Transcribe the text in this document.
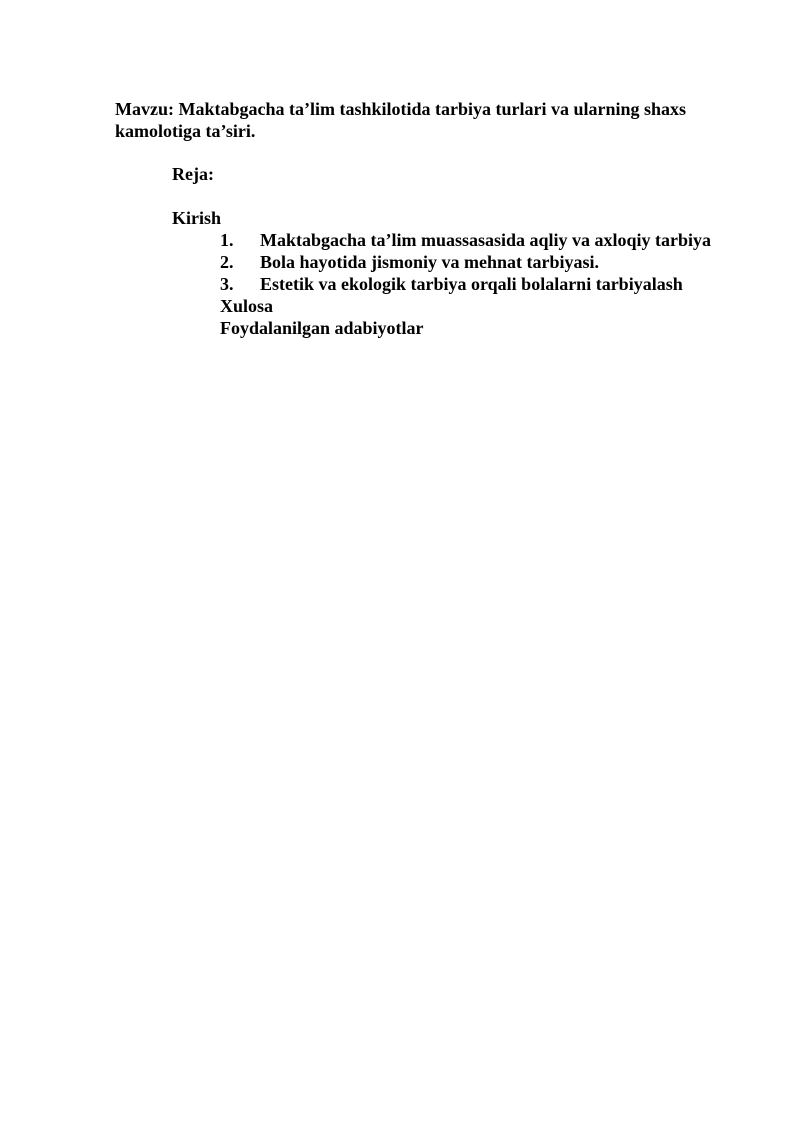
Mavzu: Maktabgacha ta’lim tashkilotida tarbiya turlari va ularning shaxs
kamolotiga ta’siri.
Reja:
Kirish
1. Maktabgacha ta’lim muassasasida aqliy va axloqiy tarbiya
2. Bola hayotida jismoniy va mehnat tarbiyasi.
3. Estetik va ekologik tarbiya orqali bolalarni tarbiyalash
Xulosa
Foydalanilgan adabiyotlar
